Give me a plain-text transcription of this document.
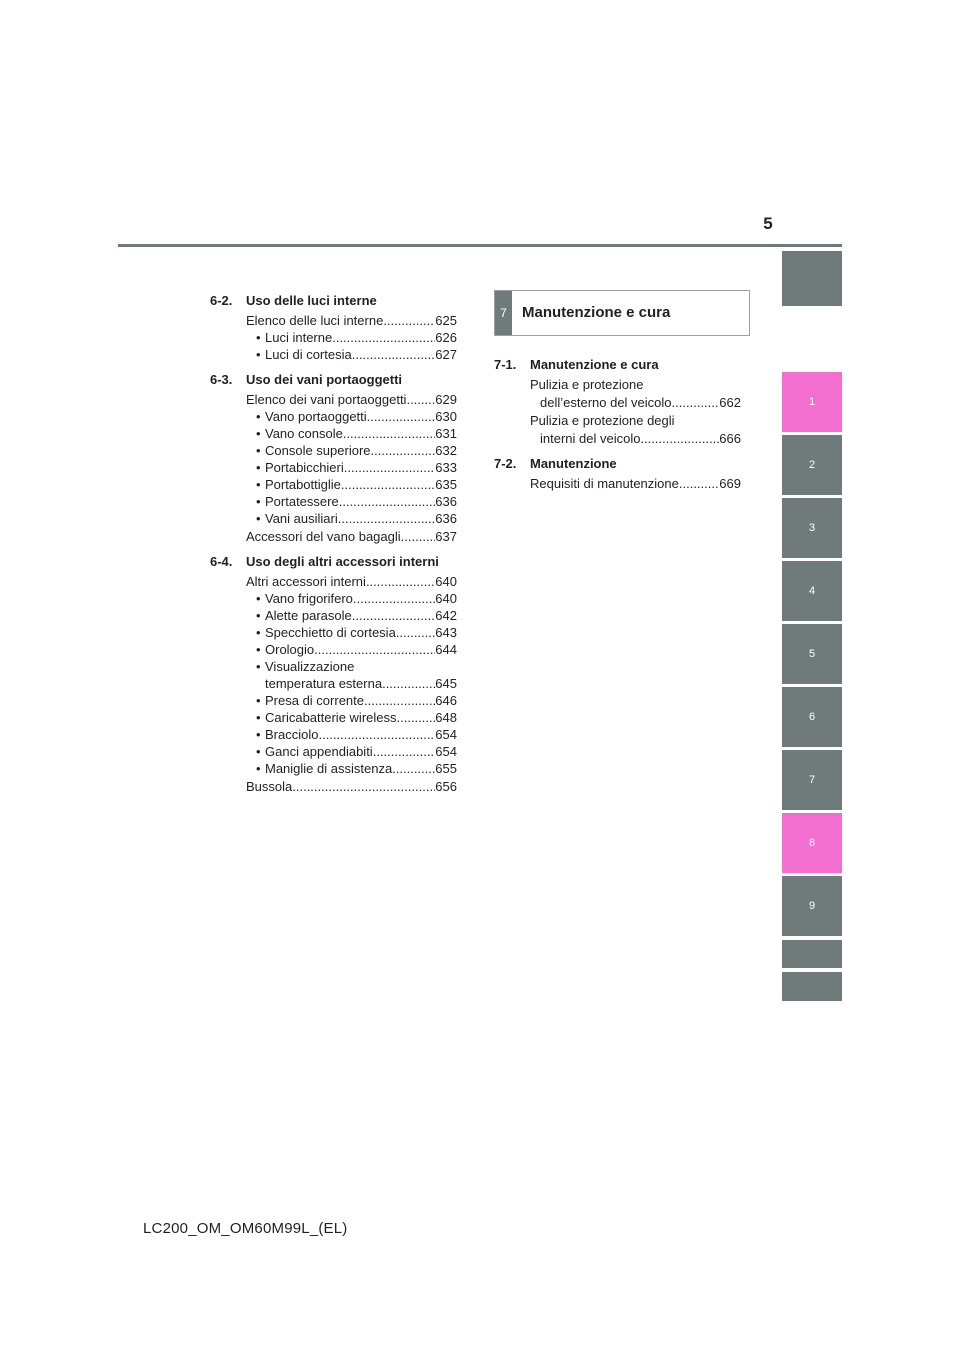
5
6-2.	Uso delle luci interne
Elenco delle luci interne .....	625
• Luci interne .....	626
• Luci di cortesia .....	627
6-3.	Uso dei vani portaoggetti
Elenco dei vani portaoggetti ..... 629
• Vano portaoggetti .....	630
• Vano console .....	631
• Console superiore .....	632
• Portabicchieri .....	633
• Portabottiglie .....	635
• Portatessere .....	636
• Vani ausiliari .....	636
Accessori del vano bagagli .....	637
6-4.	Uso degli altri accessori interni
Altri accessori interni .....	640
• Vano frigorifero .....	640
• Alette parasole .....	642
• Specchietto di cortesia .....	643
• Orologio .....	644
• Visualizzazione
temperatura esterna .....	645
• Presa di corrente .....	646
• Caricabatterie wireless .....	648
• Bracciolo .....	654
• Ganci appendiabiti .....	654
• Maniglie di assistenza .....	655
Bussola .....	656
7	Manutenzione e cura
7-1.	Manutenzione e cura
Pulizia e protezione
dell’esterno del veicolo .....	662
Pulizia e protezione degli
interni del veicolo .....	666
7-2.	Manutenzione
Requisiti di manutenzione .....	669
1
2
3
4
5
6
7
8
9
LC200_OM_OM60M99L_(EL)
